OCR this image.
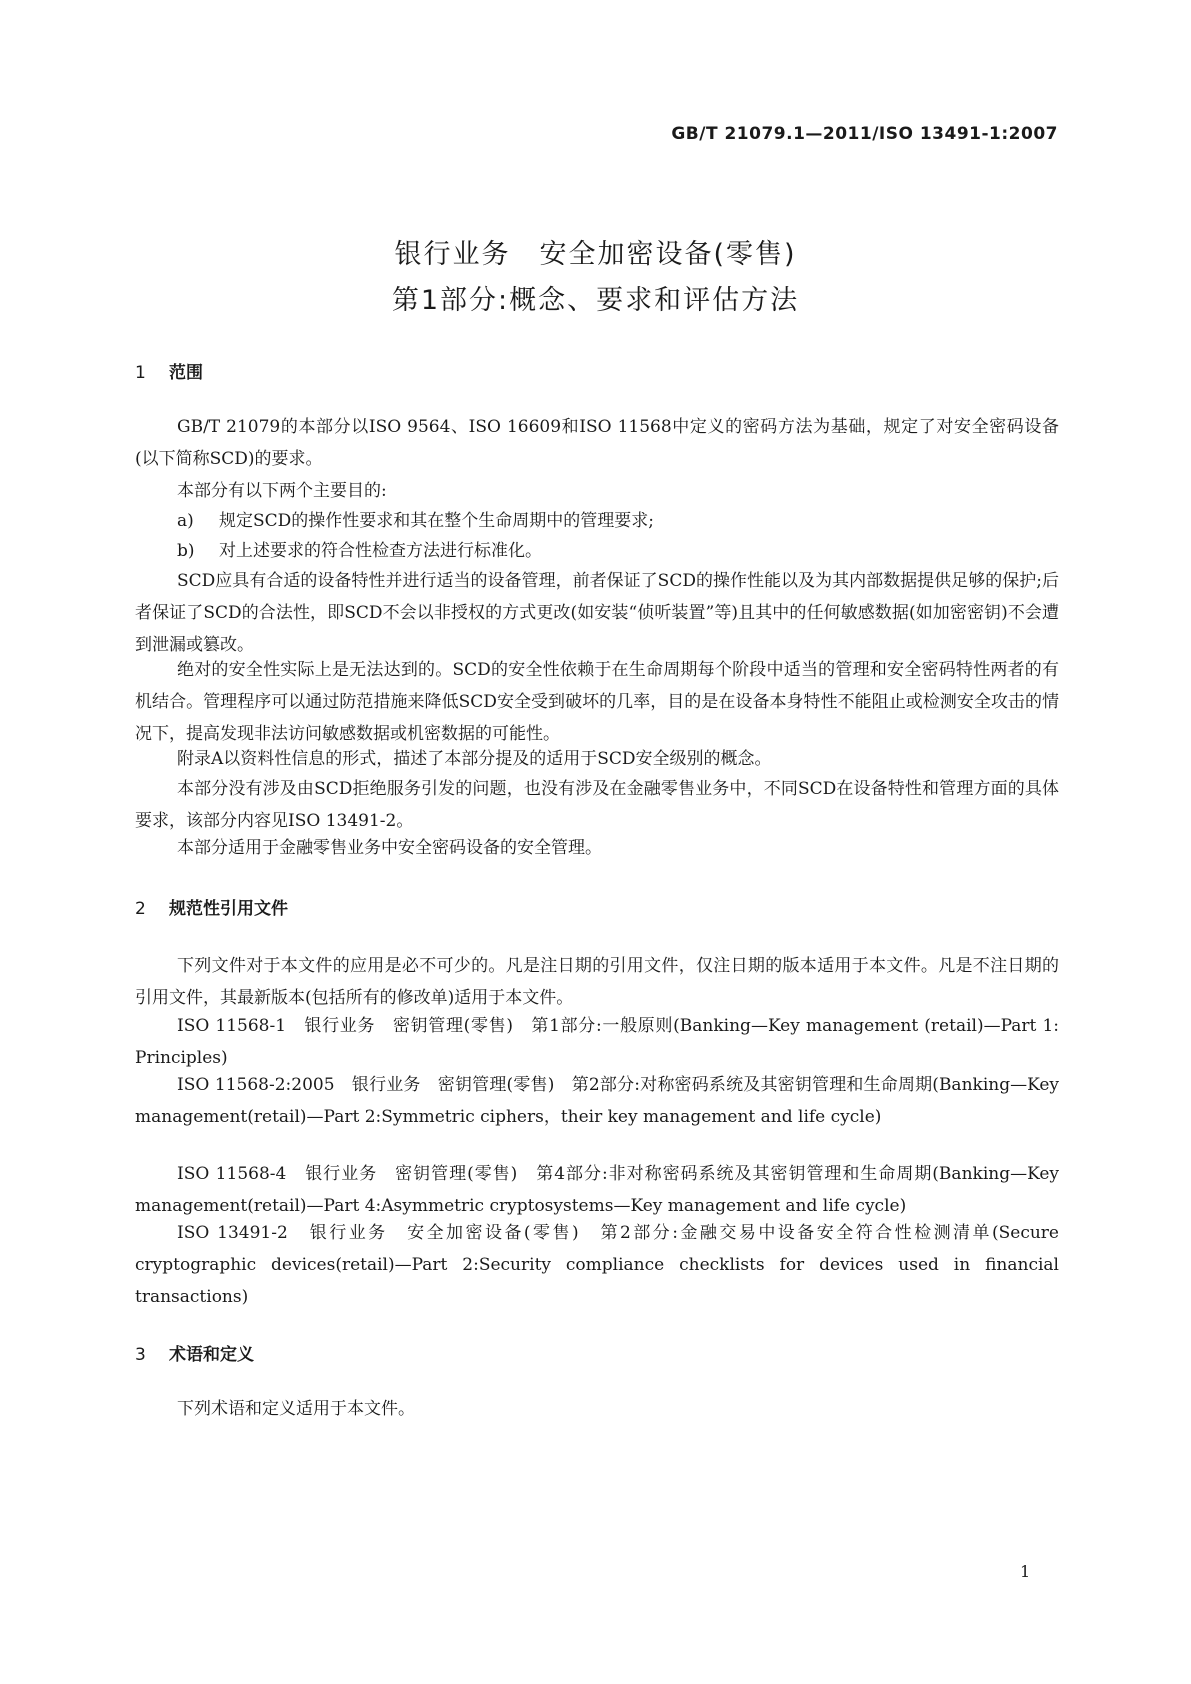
GB/T 21079.1—2011/ISO 13491-1:2007
银行业务　安全加密设备(零售)
第1部分:概念、要求和评估方法
1 范围

GB/T 21079的本部分以ISO 9564、ISO 16609和ISO 11568中定义的密码方法为基础，规定了对安全密码设备(以下简称SCD)的要求。

本部分有以下两个主要目的:

a) 规定SCD的操作性要求和其在整个生命周期中的管理要求;

b) 对上述要求的符合性检查方法进行标准化。

SCD应具有合适的设备特性并进行适当的设备管理，前者保证了SCD的操作性能以及为其内部数据提供足够的保护;后者保证了SCD的合法性，即SCD不会以非授权的方式更改(如安装“侦听装置”等)且其中的任何敏感数据(如加密密钥)不会遭到泄漏或篡改。

绝对的安全性实际上是无法达到的。SCD的安全性依赖于在生命周期每个阶段中适当的管理和安全密码特性两者的有机结合。管理程序可以通过防范措施来降低SCD安全受到破坏的几率，目的是在设备本身特性不能阻止或检测安全攻击的情况下，提高发现非法访问敏感数据或机密数据的可能性。

附录A以资料性信息的形式，描述了本部分提及的适用于SCD安全级别的概念。

本部分没有涉及由SCD拒绝服务引发的问题，也没有涉及在金融零售业务中，不同SCD在设备特性和管理方面的具体要求，该部分内容见ISO 13491-2。

本部分适用于金融零售业务中安全密码设备的安全管理。

2 规范性引用文件

下列文件对于本文件的应用是必不可少的。凡是注日期的引用文件，仅注日期的版本适用于本文件。凡是不注日期的引用文件，其最新版本(包括所有的修改单)适用于本文件。

ISO 11568-1　银行业务　密钥管理(零售)　第1部分:一般原则(Banking—Key management (retail)—Part 1: Principles)

ISO 11568-2:2005　银行业务　密钥管理(零售)　第2部分:对称密码系统及其密钥管理和生命周期(Banking—Key management(retail)—Part 2:Symmetric ciphers，their key management and life cycle)

ISO 11568-4　银行业务　密钥管理(零售)　第4部分:非对称密码系统及其密钥管理和生命周期(Banking—Key management(retail)—Part 4:Asymmetric cryptosystems—Key management and life cycle)

ISO 13491-2　银行业务　安全加密设备(零售)　第2部分:金融交易中设备安全符合性检测清单(Secure cryptographic devices(retail)—Part 2:Security compliance checklists for devices used in financial transactions)

3 术语和定义

下列术语和定义适用于本文件。

1
